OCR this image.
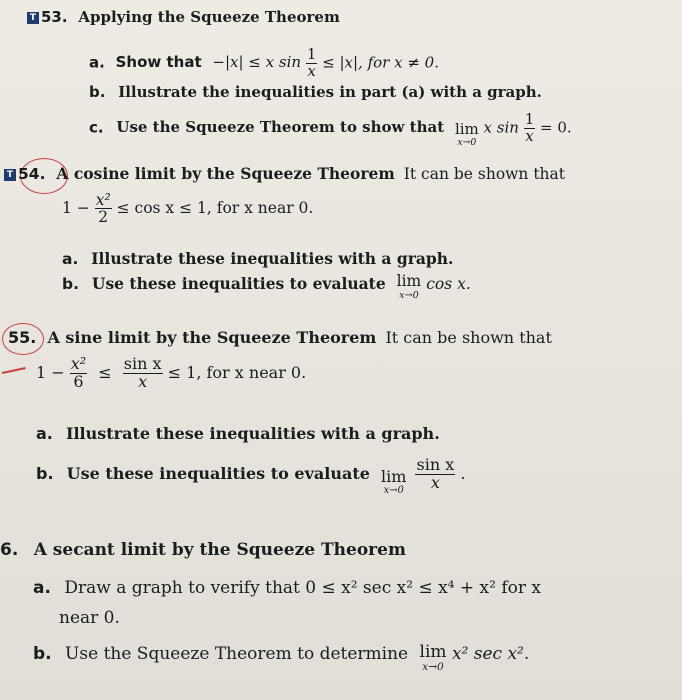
T 53. Applying the Squeeze Theorem
a. Show that −|x| ≤ x $\sin \frac{1}{x} \le |x|$, for x ≠ 0.
b. Illustrate the inequalities in part (a) with a graph.
c. Use the Squeeze Theorem to show that lim
x→0
x $\sin \frac{1}{x} = 0$.
T 54. A cosine limit by the Squeeze Theorem It can be shown that
$1 - \frac{\text{x²}}{2} \le \cos x \le 1$, for x near 0.
a. Illustrate these inequalities with a graph.
b. Use these inequalities to evaluate lim
x→0
cos x.
55. A sine limit by the Squeeze Theorem It can be shown that
$1 - \frac{\text{x²}}{6} \le \frac{\text{sin x}}{x} \le 1$, for x near 0.
a. Illustrate these inequalities with a graph.
b. Use these inequalities to evaluate lim
x→0
$\frac{\text{sin x}}{x}$ .
6. A secant limit by the Squeeze Theorem
a. Draw a graph to verify that 0 ≤ x² sec x² ≤ x⁴ + x² for x
near 0.
b. Use the Squeeze Theorem to determine lim
x→0
x² sec x².
